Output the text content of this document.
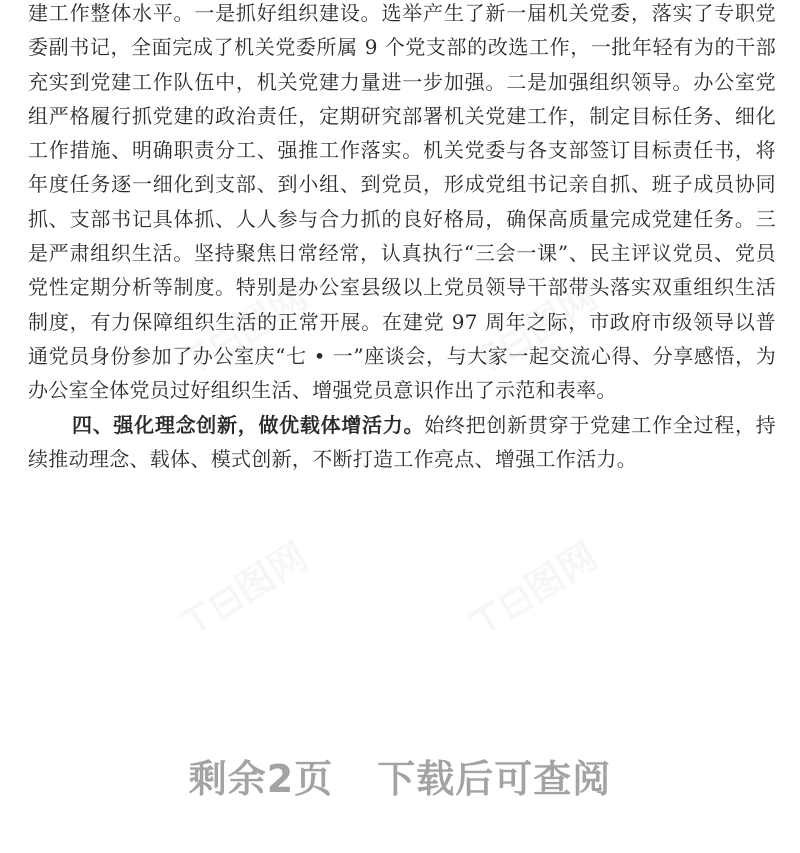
⊤⊟图网	⊤⊟图网
⊤⊟图网	⊤⊟图网

建工作整体水平。一是抓好组织建设。选举产生了新一届机关党委，落实了专职党委副书记，全面完成了机关党委所属 9 个党支部的改选工作，一批年轻有为的干部充实到党建工作队伍中，机关党建力量进一步加强。二是加强组织领导。办公室党组严格履行抓党建的政治责任，定期研究部署机关党建工作，制定目标任务、细化工作措施、明确职责分工、强推工作落实。机关党委与各支部签订目标责任书，将年度任务逐一细化到支部、到小组、到党员，形成党组书记亲自抓、班子成员协同抓、支部书记具体抓、人人参与合力抓的良好格局，确保高质量完成党建任务。三是严肃组织生活。坚持聚焦日常经常，认真执行“三会一课”、民主评议党员、党员党性定期分析等制度。特别是办公室县级以上党员领导干部带头落实双重组织生活制度，有力保障组织生活的正常开展。在建党 97 周年之际，市政府市级领导以普通党员身份参加了办公室庆“七 • 一”座谈会，与大家一起交流心得、分享感悟，为办公室全体党员过好组织生活、增强党员意识作出了示范和表率。

四、强化理念创新，做优载体增活力。始终把创新贯穿于党建工作全过程，持续推动理念、载体、模式创新，不断打造工作亮点、增强工作活力。

剩余2页 下载后可查阅
